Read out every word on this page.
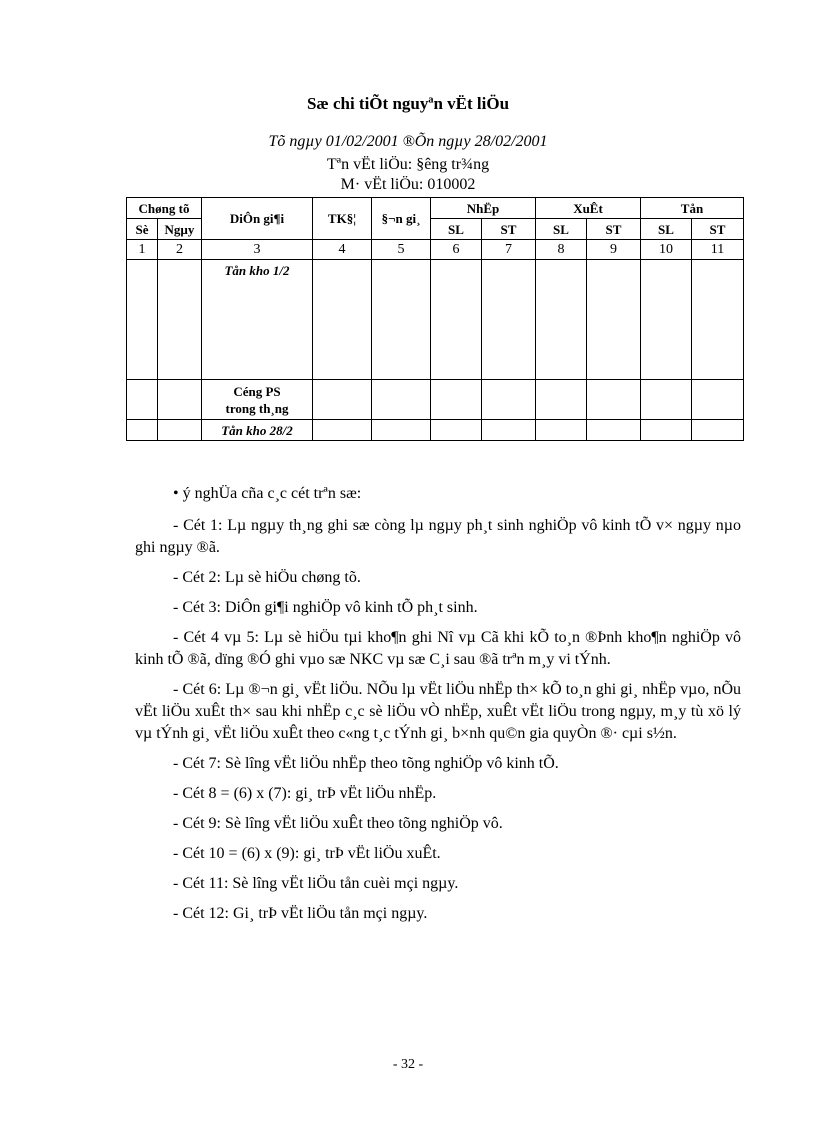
Sæ chi tiÕt nguyªn vËt liÖu
Tõ ngµy 01/02/2001 ®Õn ngµy 28/02/2001
Tªn vËt liÖu: §êng tr¾ng
M· vËt liÖu: 010002
Chøng tõ		DiÔn gi¶i	TK§¦	§¬n gi¸	NhËp		XuÊt		Tån	
Sè	Ngµy				SL	ST	SL	ST	SL	ST
1	2	3	4	5	6	7	8	9	10	11
		Tån kho 1/2								
		Céng PS
trong th¸ng								
		Tån kho 28/2								

• ý nghÜa cña c¸c cét trªn sæ:

- Cét 1: Lµ ngµy th¸ng ghi sæ còng lµ ngµy ph¸t sinh nghiÖp vô kinh tÕ v× ngµy nµo ghi ngµy ®ã.

- Cét 2: Lµ sè hiÖu chøng tõ.

- Cét 3: DiÔn gi¶i nghiÖp vô kinh tÕ ph¸t sinh.

- Cét 4 vµ 5: Lµ sè hiÖu tµi kho¶n ghi Nî vµ Cã khi kÕ to¸n ®Þnh kho¶n nghiÖp vô kinh tÕ ®ã, dïng ®Ó ghi vµo sæ NKC vµ sæ C¸i sau ®ã trªn m¸y vi tÝnh.

- Cét 6: Lµ ®¬n gi¸ vËt liÖu. NÕu lµ vËt liÖu nhËp th× kÕ to¸n ghi gi¸ nhËp vµo, nÕu vËt liÖu xuÊt th× sau khi nhËp c¸c sè liÖu vÒ nhËp, xuÊt vËt liÖu trong ngµy, m¸y tù xö lý vµ tÝnh gi¸ vËt liÖu xuÊt theo c«ng t¸c tÝnh gi¸ b×nh qu©n gia quyÒn ®· cµi s½n.

- Cét 7: Sè lîng vËt liÖu nhËp theo tõng nghiÖp vô kinh tÕ.

- Cét 8 = (6) x (7): gi¸ trÞ vËt liÖu nhËp.

- Cét 9: Sè lîng vËt liÖu xuÊt theo tõng nghiÖp vô.

- Cét 10 = (6) x (9): gi¸ trÞ vËt liÖu xuÊt.

- Cét 11: Sè lîng vËt liÖu tån cuèi mçi ngµy.

- Cét 12: Gi¸ trÞ vËt liÖu tån mçi ngµy.

- 32 -
